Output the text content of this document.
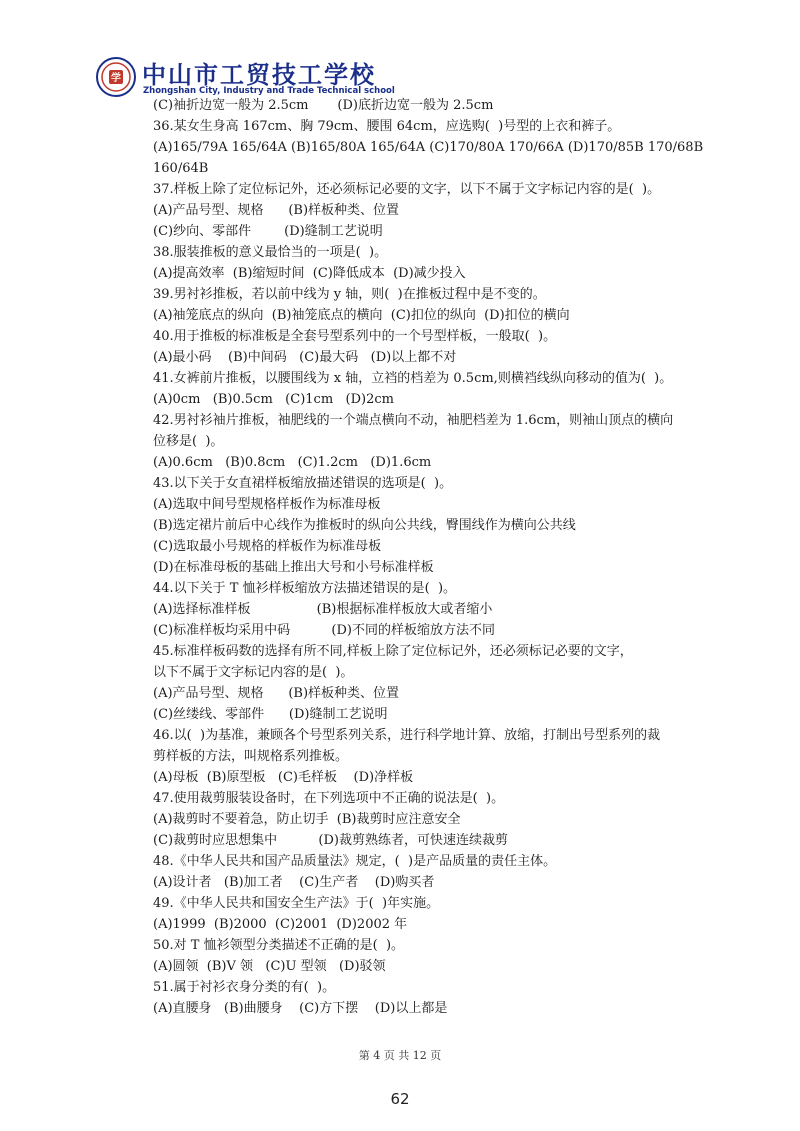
学 中山市工贸技工学校
Zhongshan City, Industry and Trade Technical school
(C)袖折边宽一般为 2.5cm       (D)底折边宽一般为 2.5cm
36.某女生身高 167cm、胸 79cm、腰围 64cm，应选购(  )号型的上衣和裤子。
(A)165/79A 165/64A (B)165/80A 165/64A (C)170/80A 170/66A (D)170/85B 170/68B
160/64B
37.样板上除了定位标记外，还必须标记必要的文字，以下不属于文字标记内容的是(  )。
(A)产品号型、规格      (B)样板种类、位置
(C)纱向、零部件        (D)缝制工艺说明
38.服装推板的意义最恰当的一项是(  )。
(A)提高效率  (B)缩短时间  (C)降低成本  (D)减少投入
39.男衬衫推板，若以前中线为 y 轴，则(  )在推板过程中是不变的。
(A)袖笼底点的纵向  (B)袖笼底点的横向  (C)扣位的纵向  (D)扣位的横向
40.用于推板的标准板是全套号型系列中的一个号型样板，一般取(  )。
(A)最小码    (B)中间码   (C)最大码   (D)以上都不对
41.女裤前片推板，以腰围线为 x 轴，立裆的档差为 0.5cm,则横裆线纵向移动的值为(  )。
(A)0cm   (B)0.5cm   (C)1cm   (D)2cm
42.男衬衫袖片推板，袖肥线的一个端点横向不动，袖肥档差为 1.6cm，则袖山顶点的横向
位移是(  )。
(A)0.6cm   (B)0.8cm   (C)1.2cm   (D)1.6cm
43.以下关于女直裙样板缩放描述错误的选项是(  )。
(A)选取中间号型规格样板作为标准母板
(B)选定裙片前后中心线作为推板时的纵向公共线，臀围线作为横向公共线
(C)选取最小号规格的样板作为标准母板
(D)在标准母板的基础上推出大号和小号标准样板
44.以下关于 T 恤衫样板缩放方法描述错误的是(  )。
(A)选择标准样板                (B)根据标准样板放大或者缩小
(C)标准样板均采用中码          (D)不同的样板缩放方法不同
45.标准样板码数的选择有所不同,样板上除了定位标记外，还必须标记必要的文字，
以下不属于文字标记内容的是(  )。
(A)产品号型、规格      (B)样板种类、位置
(C)丝缕线、零部件      (D)缝制工艺说明
46.以(  )为基准，兼顾各个号型系列关系，进行科学地计算、放缩，打制出号型系列的裁
剪样板的方法，叫规格系列推板。
(A)母板  (B)原型板   (C)毛样板    (D)净样板
47.使用裁剪服装设备时，在下列选项中不正确的说法是(  )。
(A)裁剪时不要着急，防止切手  (B)裁剪时应注意安全
(C)裁剪时应思想集中          (D)裁剪熟练者，可快速连续裁剪
48.《中华人民共和国产品质量法》规定，(  )是产品质量的责任主体。
(A)设计者   (B)加工者    (C)生产者    (D)购买者
49.《中华人民共和国安全生产法》于(  )年实施。
(A)1999  (B)2000  (C)2001  (D)2002 年
50.对 T 恤衫领型分类描述不正确的是(  )。
(A)圆领  (B)V 领   (C)U 型领   (D)驳领
51.属于衬衫衣身分类的有(  )。
(A)直腰身   (B)曲腰身    (C)方下摆    (D)以上都是
第 4 页 共 12 页
62
